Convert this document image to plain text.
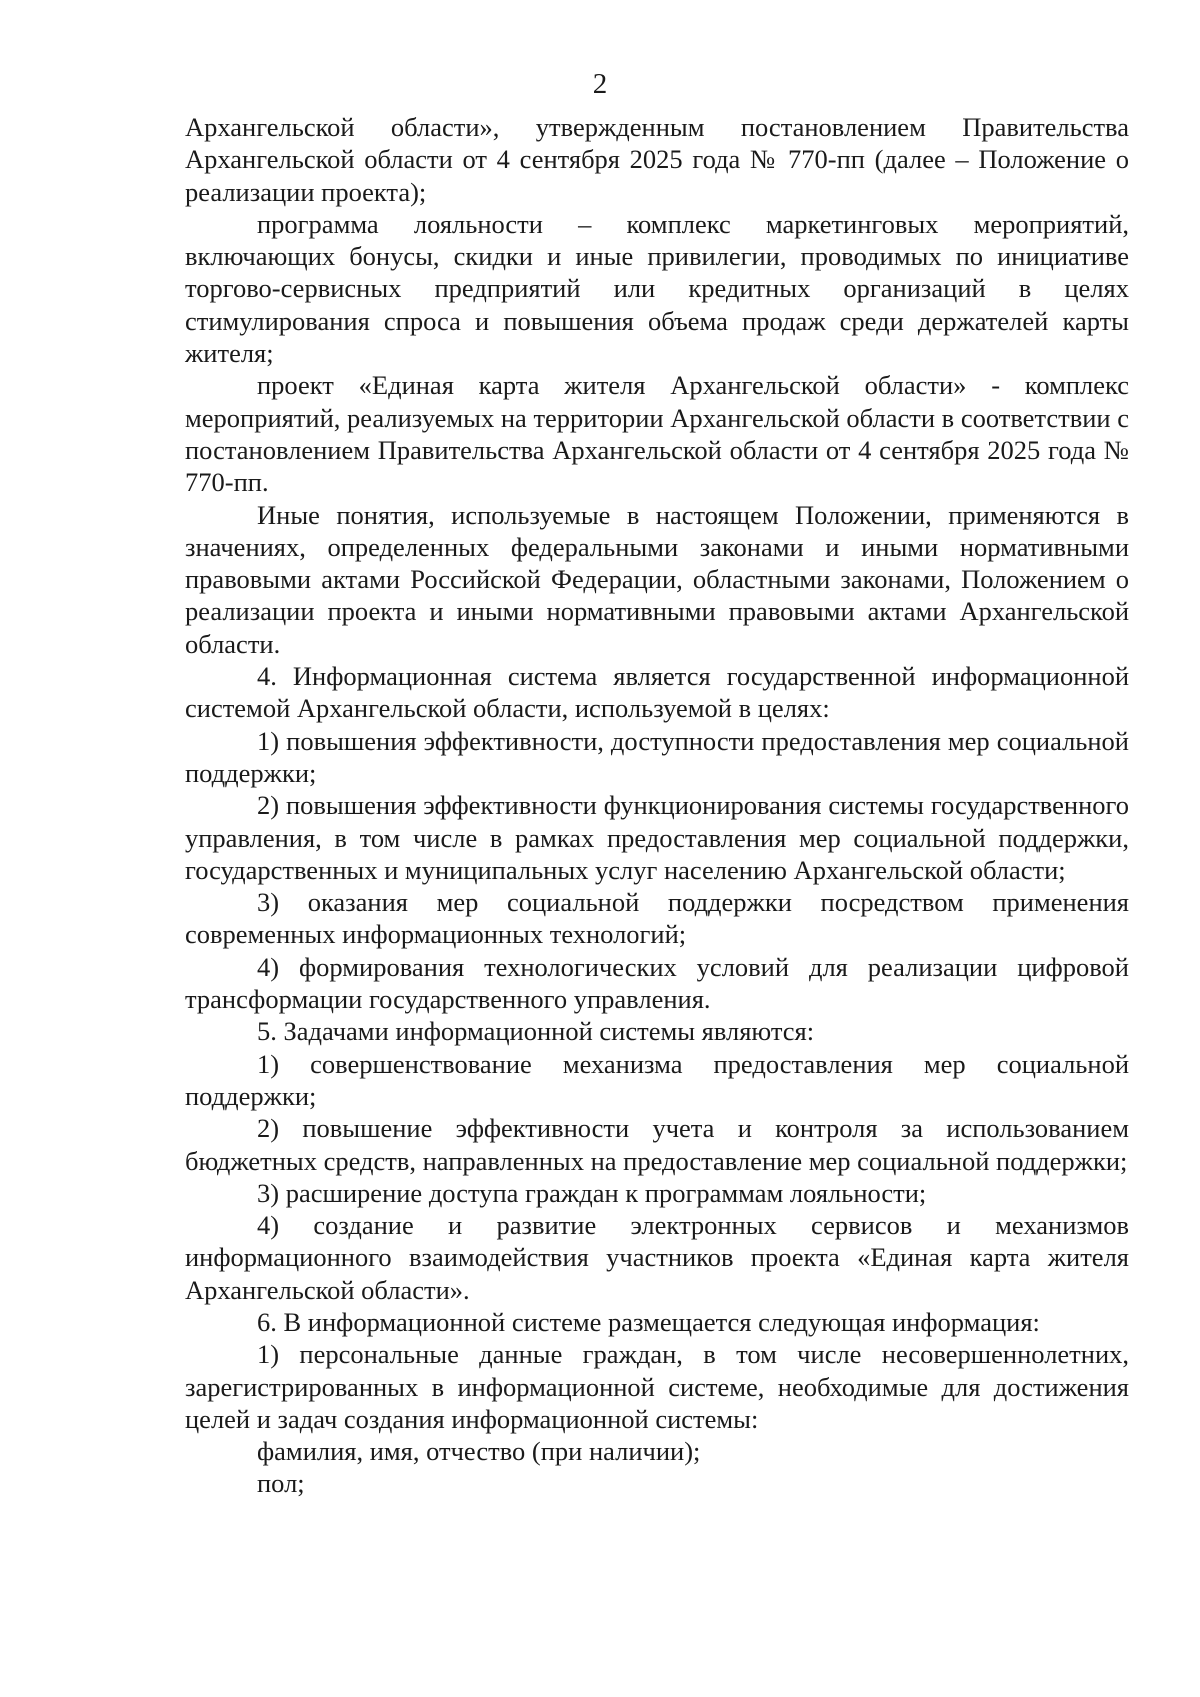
2

Архангельской области», утвержденным постановлением Правительства Архангельской области от 4 сентября 2025 года № 770-пп (далее – Положение о реализации проекта);

программа лояльности – комплекс маркетинговых мероприятий, включающих бонусы, скидки и иные привилегии, проводимых по инициативе торгово-сервисных предприятий или кредитных организаций в целях стимулирования спроса и повышения объема продаж среди держателей карты жителя;

проект «Единая карта жителя Архангельской области» - комплекс мероприятий, реализуемых на территории Архангельской области в соответствии с постановлением Правительства Архангельской области от 4 сентября 2025 года № 770-пп.

Иные понятия, используемые в настоящем Положении, применяются в значениях, определенных федеральными законами и иными нормативными правовыми актами Российской Федерации, областными законами, Положением о реализации проекта и иными нормативными правовыми актами Архангельской области.

4. Информационная система является государственной информационной системой Архангельской области, используемой в целях:

1) повышения эффективности, доступности предоставления мер социальной поддержки;

2) повышения эффективности функционирования системы государственного управления, в том числе в рамках предоставления мер социальной поддержки, государственных и муниципальных услуг населению Архангельской области;

3) оказания мер социальной поддержки посредством применения современных информационных технологий;

4) формирования технологических условий для реализации цифровой трансформации государственного управления.

5. Задачами информационной системы являются:

1) совершенствование механизма предоставления мер социальной поддержки;

2) повышение эффективности учета и контроля за использованием бюджетных средств, направленных на предоставление мер социальной поддержки;

3) расширение доступа граждан к программам лояльности;

4) создание и развитие электронных сервисов и механизмов информационного взаимодействия участников проекта «Единая карта жителя Архангельской области».

6. В информационной системе размещается следующая информация:

1) персональные данные граждан, в том числе несовершеннолетних, зарегистрированных в информационной системе, необходимые для достижения целей и задач создания информационной системы:

фамилия, имя, отчество (при наличии);

пол;
